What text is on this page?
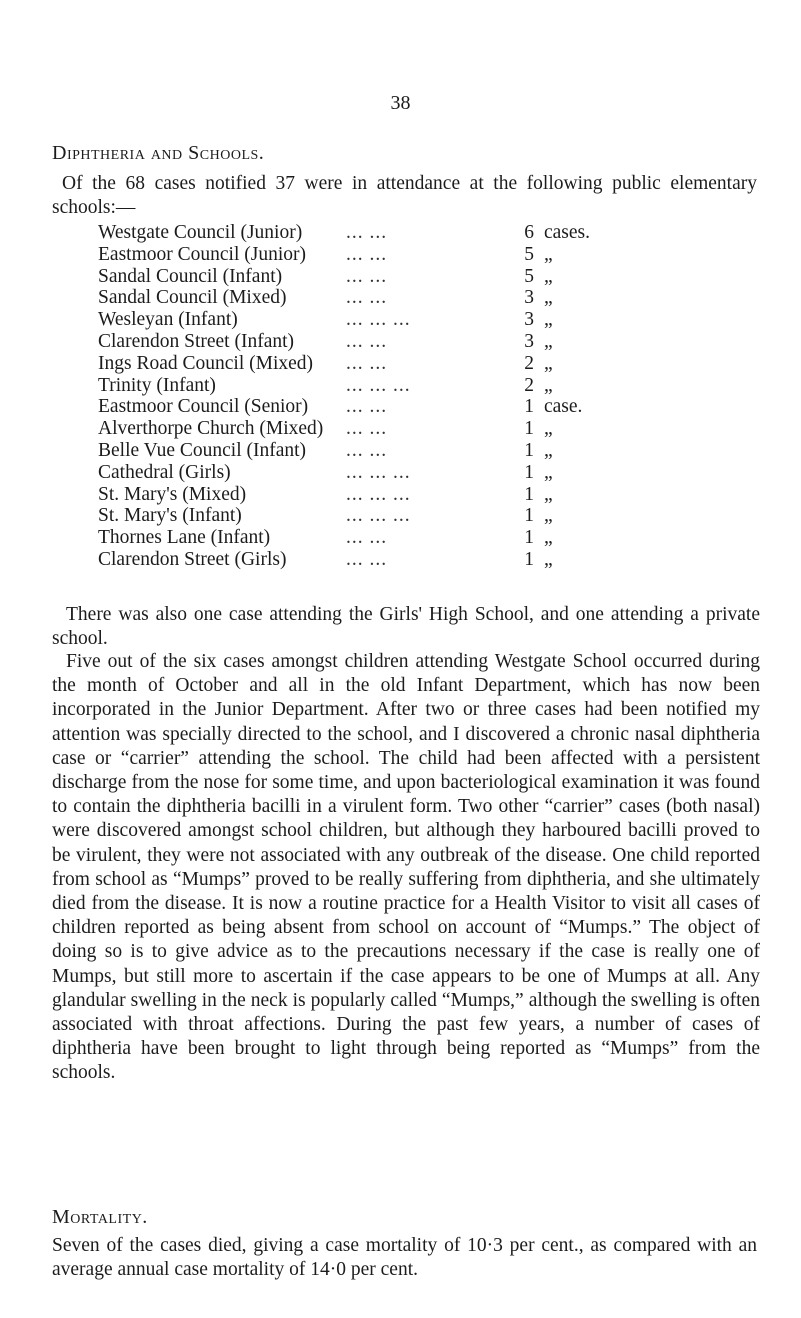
38
Diphtheria and Schools.

Of the 68 cases notified 37 were in attendance at the following public elementary schools:—

Westgate Council (Junior) ... ...	6 cases.
Eastmoor Council (Junior) ... ...	5 „
Sandal Council (Infant)	... ...	5 „
Sandal Council (Mixed)	... ...	3 „
Wesleyan (Infant)	... ... ...	3 „
Clarendon Street (Infant)	... ...	3 „
Ings Road Council (Mixed) ... ...	2 „
Trinity (Infant)	... ... ...	2 „
Eastmoor Council (Senior) ... ...	1 case.
Alverthorpe Church (Mixed) ... ...	1 „
Belle Vue Council (Infant) ... ...	1 „
Cathedral (Girls)	... ... ...	1 „
St. Mary's (Mixed)	... ... ...	1 „
St. Mary's (Infant)	... ... ...	1 „
Thornes Lane (Infant)	... ...	1 „
Clarendon Street (Girls)	... ...	1 „

There was also one case attending the Girls' High School, and one attending a private school.

Five out of the six cases amongst children attending Westgate School occurred during the month of October and all in the old Infant Department, which has now been incorporated in the Junior Department. After two or three cases had been notified my attention was specially directed to the school, and I discovered a chronic nasal diphtheria case or “carrier” attending the school. The child had been affected with a persistent discharge from the nose for some time, and upon bacteriological examination it was found to contain the diphtheria bacilli in a virulent form. Two other “carrier” cases (both nasal) were discovered amongst school children, but although they harboured bacilli proved to be virulent, they were not associated with any outbreak of the disease. One child reported from school as “Mumps” proved to be really suffering from diphtheria, and she ultimately died from the disease. It is now a routine practice for a Health Visitor to visit all cases of children reported as being absent from school on account of “Mumps.” The object of doing so is to give advice as to the precautions necessary if the case is really one of Mumps, but still more to ascertain if the case appears to be one of Mumps at all. Any glandular swelling in the neck is popularly called “Mumps,” although the swelling is often associated with throat affections. During the past few years, a number of cases of diphtheria have been brought to light through being reported as “Mumps” from the schools.

Mortality.

Seven of the cases died, giving a case mortality of 10·3 per cent., as compared with an average annual case mortality of 14·0 per cent.
